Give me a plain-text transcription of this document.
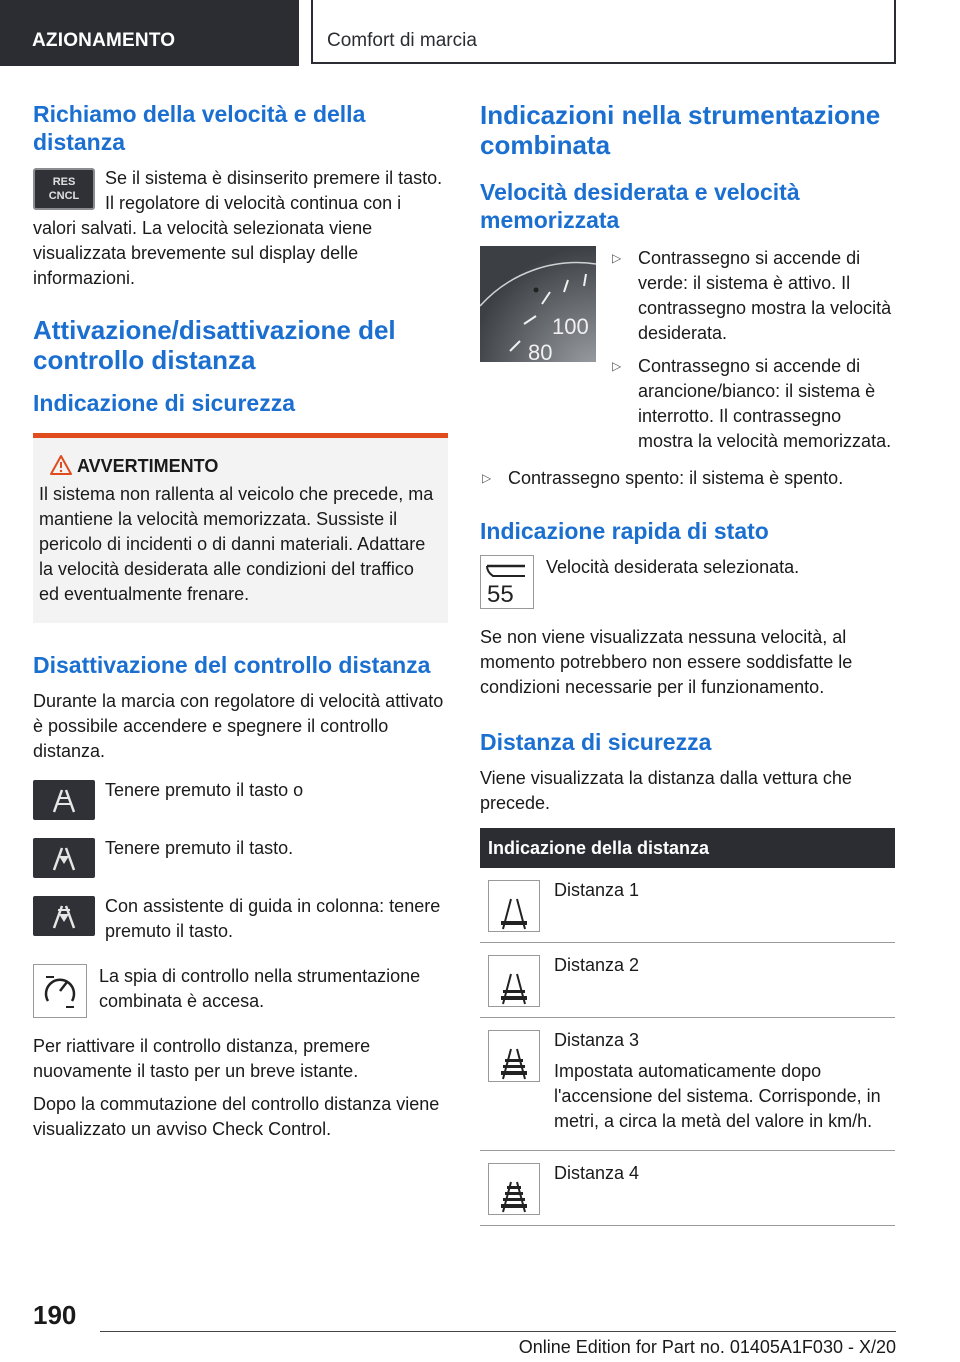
AZIONAMENTO	Comfort di marcia
Richiamo della velocità e della distanza
RES CNCL

Se il sistema è disinserito premere il tasto. Il regolatore di velocità continua con i valori salvati. La velocità selezionata viene visualizzata brevemente sul display delle informazioni.

Attivazione/disattivazione del controllo distanza
Indicazione di sicurezza
AVVERTIMENTO

Il sistema non rallenta al veicolo che precede, ma mantiene la velocità memorizzata. Sussiste il pericolo di incidenti o di danni materiali. Adattare la velocità desiderata alle condizioni del traffico ed eventualmente frenare.

Disattivazione del controllo distanza

Durante la marcia con regolatore di velocità attivato è possibile accendere e spegnere il controllo distanza.

Tenere premuto il tasto o
Tenere premuto il tasto.
Con assistente di guida in colonna: tenere premuto il tasto.
La spia di controllo nella strumentazione combinata è accesa.

Per riattivare il controllo distanza, premere nuovamente il tasto per un breve istante.

Dopo la commutazione del controllo distanza viene visualizzato un avviso Check Control.

Indicazioni nella strumentazione combinata
Velocità desiderata e velocità memorizzata
100
80
▷ Contrassegno si accende di verde: il sistema è attivo. Il contrassegno mostra la velocità desiderata.
▷ Contrassegno si accende di arancione/bianco: il sistema è interrotto. Il contrassegno mostra la velocità memorizzata.
▷ Contrassegno spento: il sistema è spento.
Indicazione rapida di stato
55
Velocità desiderata selezionata.

Se non viene visualizzata nessuna velocità, al momento potrebbero non essere soddisfatte le condizioni necessarie per il funzionamento.

Distanza di sicurezza

Viene visualizzata la distanza dalla vettura che precede.

Indicazione della distanza

Distanza 1

Distanza 2

Distanza 3

Impostata automaticamente dopo l'accensione del sistema. Corrisponde, in metri, a circa la metà del valore in km/h.

Distanza 4

190
Online Edition for Part no. 01405A1F030 - X/20
